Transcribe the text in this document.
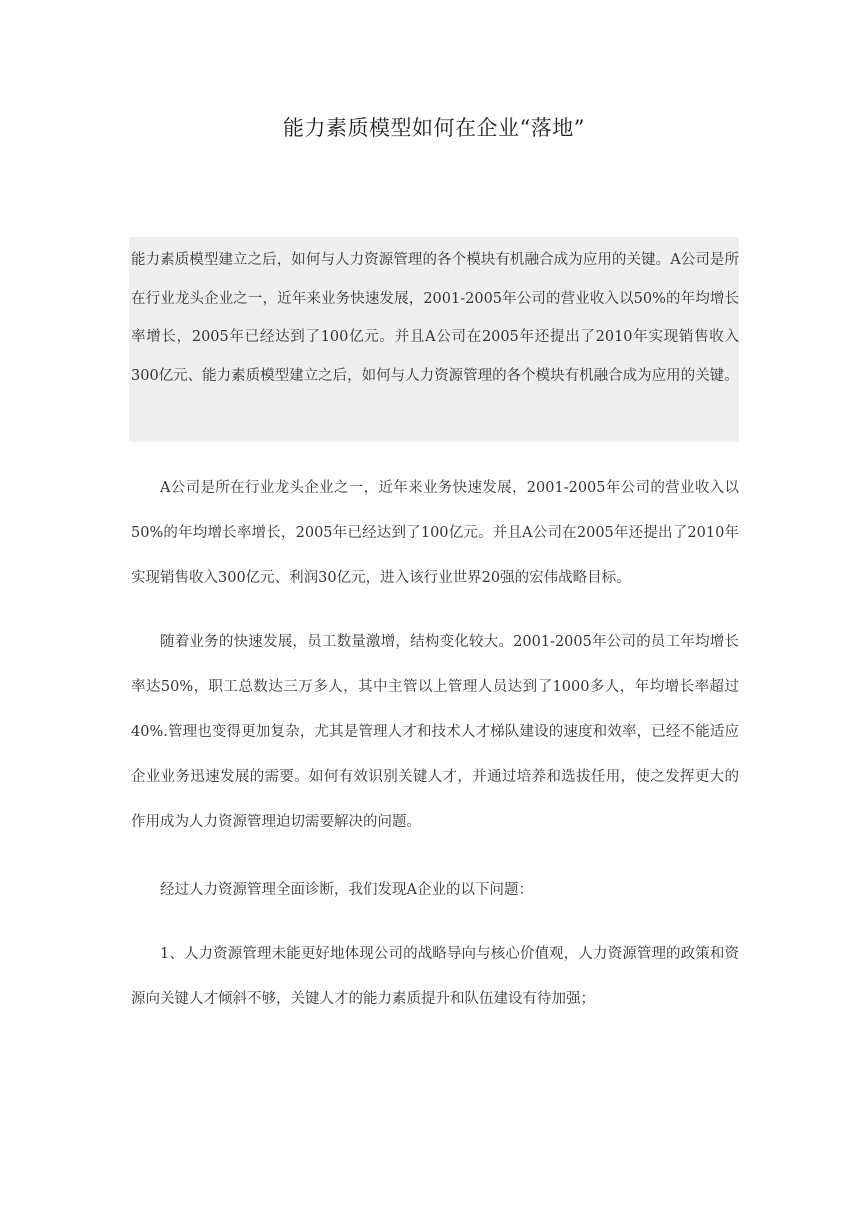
能力素质模型如何在企业“落地”

能力素质模型建立之后，如何与人力资源管理的各个模块有机融合成为应用的关键。A公司是所在行业龙头企业之一，近年来业务快速发展，2001-2005年公司的营业收入以50%的年均增长率增长，2005年已经达到了100亿元。并且A公司在2005年还提出了2010年实现销售收入300亿元、能力素质模型建立之后，如何与人力资源管理的各个模块有机融合成为应用的关键。

A公司是所在行业龙头企业之一，近年来业务快速发展，2001-2005年公司的营业收入以50%的年均增长率增长，2005年已经达到了100亿元。并且A公司在2005年还提出了2010年实现销售收入300亿元、利润30亿元，进入该行业世界20强的宏伟战略目标。

随着业务的快速发展，员工数量激增，结构变化较大。2001-2005年公司的员工年均增长率达50%，职工总数达三万多人，其中主管以上管理人员达到了1000多人，年均增长率超过40%.管理也变得更加复杂，尤其是管理人才和技术人才梯队建设的速度和效率，已经不能适应企业业务迅速发展的需要。如何有效识别关键人才，并通过培养和选拔任用，使之发挥更大的作用成为人力资源管理迫切需要解决的问题。

经过人力资源管理全面诊断，我们发现A企业的以下问题：

1、人力资源管理未能更好地体现公司的战略导向与核心价值观，人力资源管理的政策和资源向关键人才倾斜不够，关键人才的能力素质提升和队伍建设有待加强；
